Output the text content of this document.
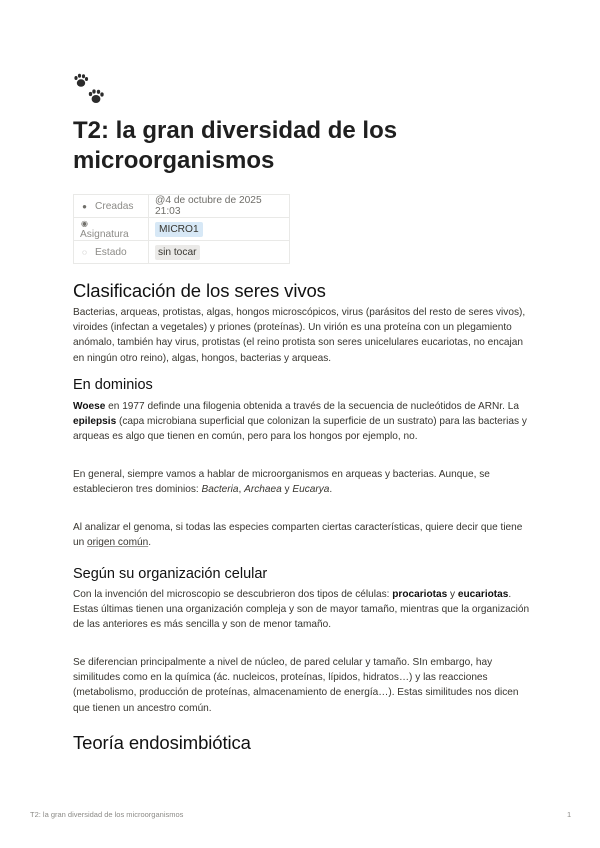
T2: la gran diversidad de los microorganismos
● Creadas	@4 de octubre de 2025 21:03
◉Asignatura	MICRO1
◌ Estado	sin tocar
Clasificación de los seres vivos

Bacterias, arqueas, protistas, algas, hongos microscópicos, virus (parásitos del resto de seres vivos), viroides (infectan a vegetales) y priones (proteínas). Un virión es una proteína con un plegamiento anómalo, también hay virus, protistas (el reino protista son seres unicelulares eucariotas, no encajan en ningún otro reino), algas, hongos, bacterias y arqueas.

En dominios

Woese en 1977 definde una filogenia obtenida a través de la secuencia de nucleótidos de ARNr. La epilepsis (capa microbiana superficial que colonizan la superficie de un sustrato) para las bacterias y arqueas es algo que tienen en común, pero para los hongos por ejemplo, no.

En general, siempre vamos a hablar de microorganismos en arqueas y bacterias. Aunque, se establecieron tres dominios: Bacteria, Archaea y Eucarya.

Al analizar el genoma, si todas las especies comparten ciertas características, quiere decir que tiene un origen común.

Según su organización celular

Con la invención del microscopio se descubrieron dos tipos de células: procariotas y eucariotas. Estas últimas tienen una organización compleja y son de mayor tamaño, mientras que la organización de las anteriores es más sencilla y son de menor tamaño.

Se diferencian principalmente a nivel de núcleo, de pared celular y tamaño. SIn embargo, hay similitudes como en la química (ác. nucleicos, proteínas, lípidos, hidratos…) y las reacciones (metabolismo, producción de proteínas, almacenamiento de energía…). Estas similitudes nos dicen que tienen un ancestro común.

Teoría endosimbiótica
T2: la gran diversidad de los microorganismos	1
